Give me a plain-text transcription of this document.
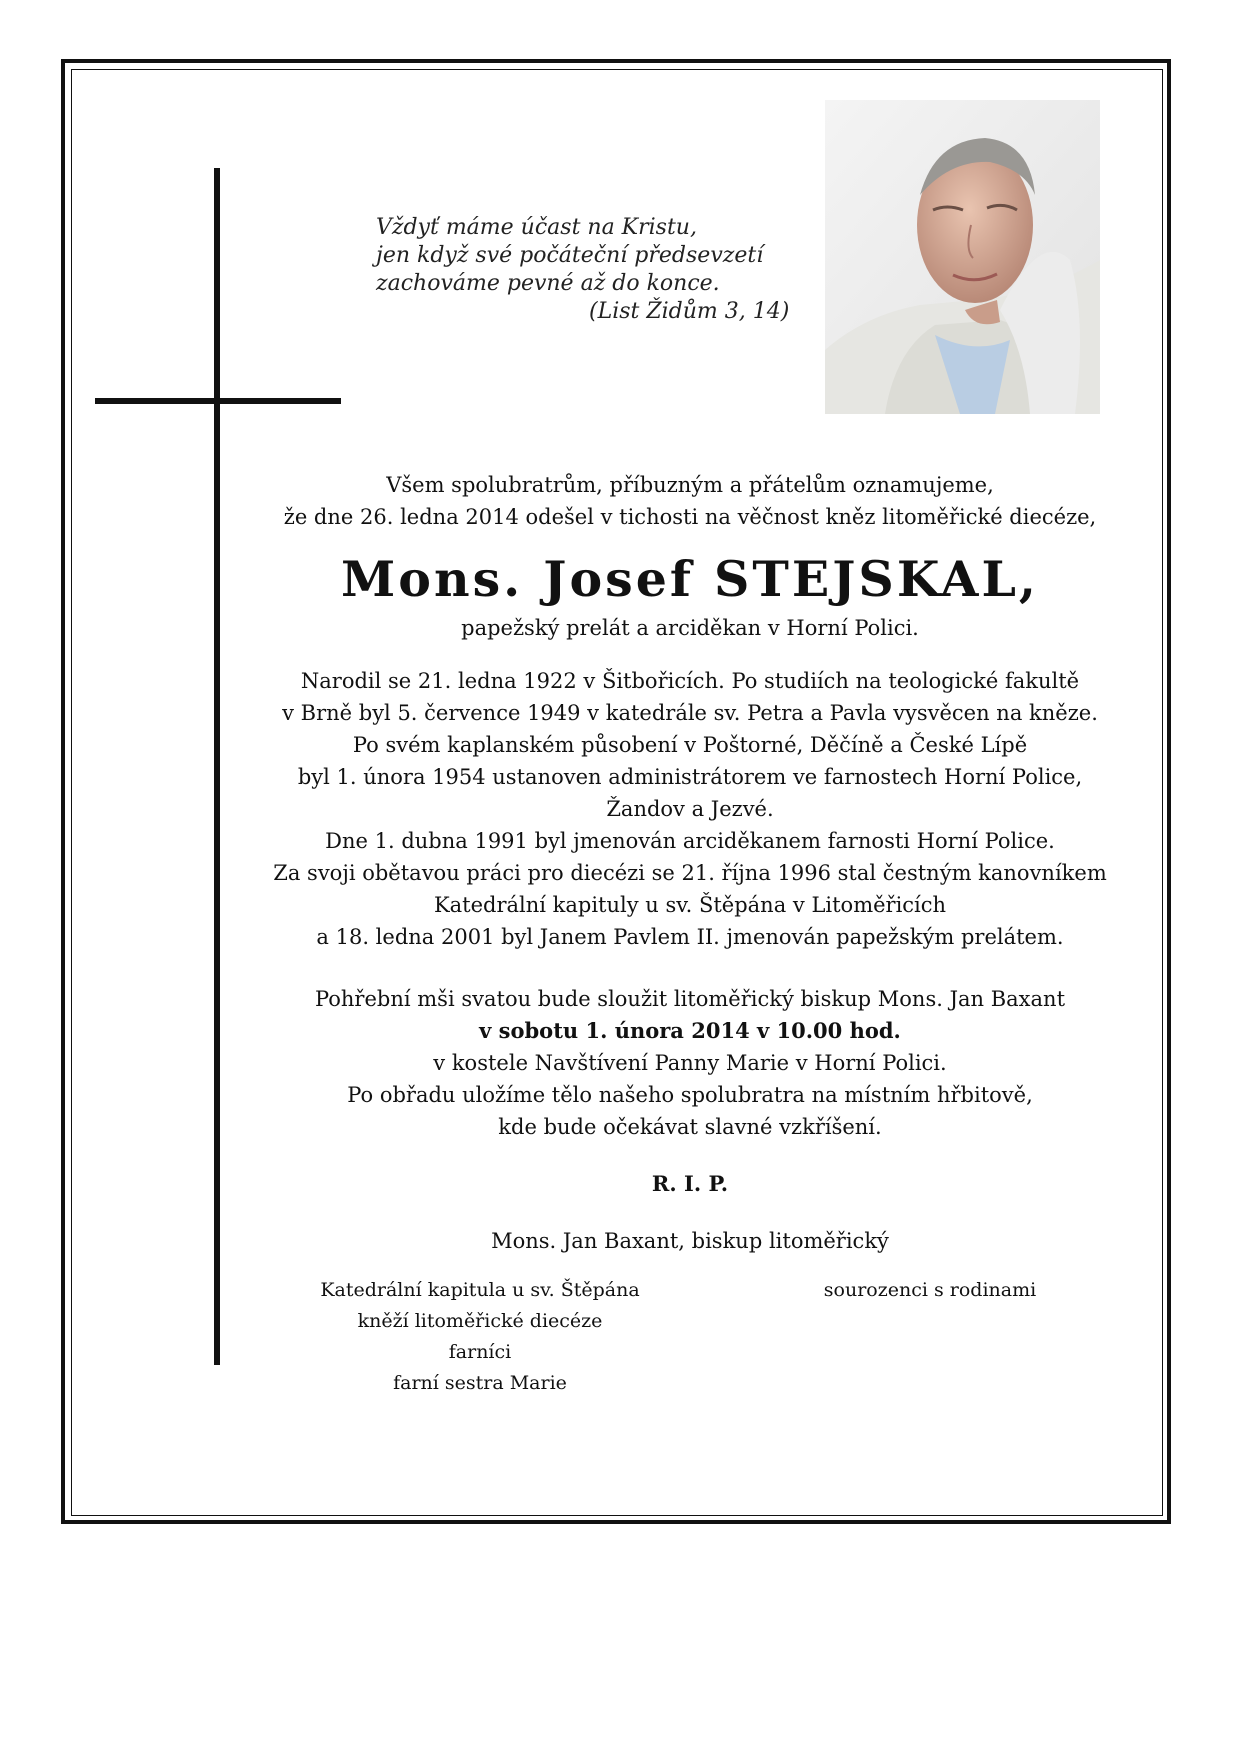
Vždyť máme účast na Kristu,
jen když své počáteční předsevzetí
zachováme pevné až do konce.
(List Židům 3, 14)
Všem spolubratrům, příbuzným a přátelům oznamujeme,
že dne 26. ledna 2014 odešel v tichosti na věčnost kněz litoměřické diecéze,
Mons. Josef STEJSKAL,
papežský prelát a arciděkan v Horní Polici.
Narodil se 21. ledna 1922 v Šitbořicích. Po studiích na teologické fakultě
v Brně byl 5. července 1949 v katedrále sv. Petra a Pavla vysvěcen na kněze.
Po svém kaplanském působení v Poštorné, Děčíně a České Lípě
byl 1. února 1954 ustanoven administrátorem ve farnostech Horní Police,
Žandov a Jezvé.
Dne 1. dubna 1991 byl jmenován arciděkanem farnosti Horní Police.
Za svoji obětavou práci pro diecézi se 21. října 1996 stal čestným kanovníkem
Katedrální kapituly u sv. Štěpána v Litoměřicích
a 18. ledna 2001 byl Janem Pavlem II. jmenován papežským prelátem.
Pohřební mši svatou bude sloužit litoměřický biskup Mons. Jan Baxant
v sobotu 1. února 2014 v 10.00 hod.
v kostele Navštívení Panny Marie v Horní Polici.
Po obřadu uložíme tělo našeho spolubratra na místním hřbitově,
kde bude očekávat slavné vzkříšení.
R. I. P.
Mons. Jan Baxant, biskup litoměřický
Katedrální kapitula u sv. Štěpána
kněží litoměřické diecéze
farníci
farní sestra Marie
sourozenci s rodinami
